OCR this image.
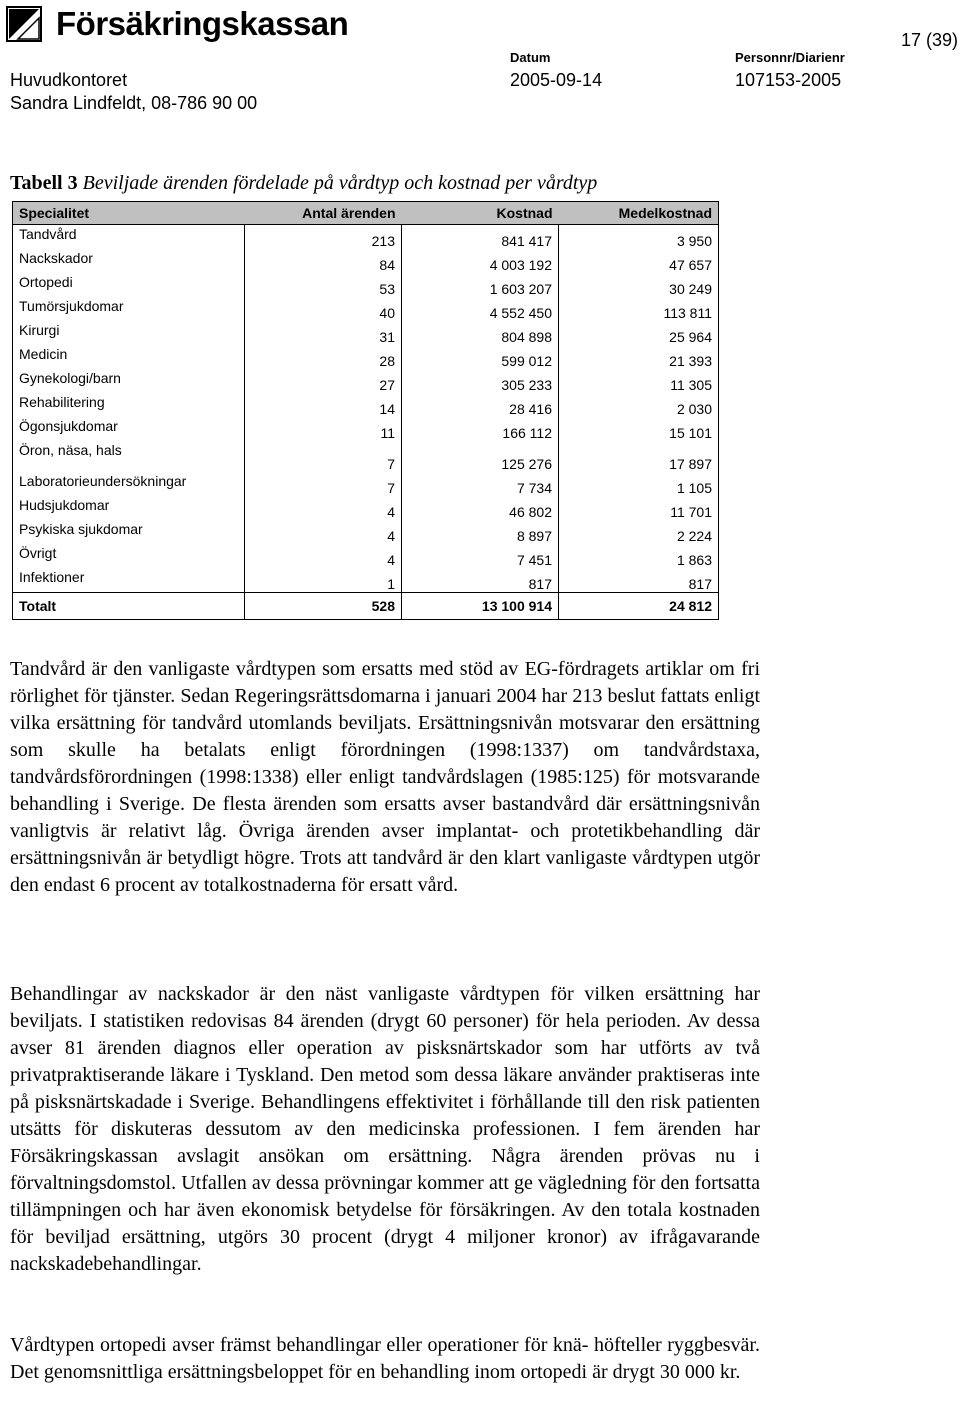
Försäkringskassan	17 (39)
Huvudkontoret
Sandra Lindfeldt, 08-786 90 00
Datum
2005-09-14
Personnr/Diarienr
107153-2005
Tabell 3 Beviljade ärenden fördelade på vårdtyp och kostnad per vårdtyp
Specialitet	Antal ärenden	Kostnad	Medelkostnad
Tandvård	213	841 417	3 950
Nackskador	84	4 003 192	47 657
Ortopedi	53	1 603 207	30 249
Tumörsjukdomar	40	4 552 450	113 811
Kirurgi	31	804 898	25 964
Medicin	28	599 012	21 393
Gynekologi/barn	27	305 233	11 305
Rehabilitering	14	28 416	2 030
Ögonsjukdomar	11	166 112	15 101
Öron, näsa, hals	7	125 276	17 897
Laboratorieundersökningar	7	7 734	1 105
Hudsjukdomar	4	46 802	11 701
Psykiska sjukdomar	4	8 897	2 224
Övrigt	4	7 451	1 863
Infektioner	1	817	817
Totalt	528	13 100 914	24 812
Tandvård är den vanligaste vårdtypen som ersatts med stöd av EG-fördragets artiklar om fri rörlighet för tjänster. Sedan Regeringsrättsdomarna i januari 2004 har 213 beslut fattats enligt vilka ersättning för tandvård utomlands beviljats. Ersättningsnivån motsvarar den ersättning som skulle ha betalats enligt förordningen (1998:1337) om tandvårdstaxa, tandvårdsförordningen (1998:1338) eller enligt tandvårdslagen (1985:125) för motsvarande behandling i Sverige. De flesta ärenden som ersatts avser bastandvård där ersättningsnivån vanligtvis är relativt låg. Övriga ärenden avser implantat- och protetikbehandling där ersättningsnivån är betydligt högre. Trots att tandvård är den klart vanligaste vårdtypen utgör den endast 6 procent av totalkostnaderna för ersatt vård.
Behandlingar av nackskador är den näst vanligaste vårdtypen för vilken ersättning har beviljats. I statistiken redovisas 84 ärenden (drygt 60 personer) för hela perioden. Av dessa avser 81 ärenden diagnos eller operation av pisksnärtskador som har utförts av två privatpraktiserande läkare i Tyskland. Den metod som dessa läkare använder praktiseras inte på pisksnärtskadade i Sverige. Behandlingens effektivitet i förhållande till den risk patienten utsätts för diskuteras dessutom av den medicinska professionen. I fem ärenden har Försäkringskassan avslagit ansökan om ersättning. Några ärenden prövas nu i förvaltningsdomstol. Utfallen av dessa prövningar kommer att ge vägledning för den fortsatta tillämpningen och har även ekonomisk betydelse för försäkringen. Av den totala kostnaden för beviljad ersättning, utgörs 30 procent (drygt 4 miljoner kronor) av ifrågavarande nackskadebehandlingar.
Vårdtypen ortopedi avser främst behandlingar eller operationer för knä- höfteller ryggbesvär. Det genomsnittliga ersättningsbeloppet för en behandling inom ortopedi är drygt 30 000 kr.
